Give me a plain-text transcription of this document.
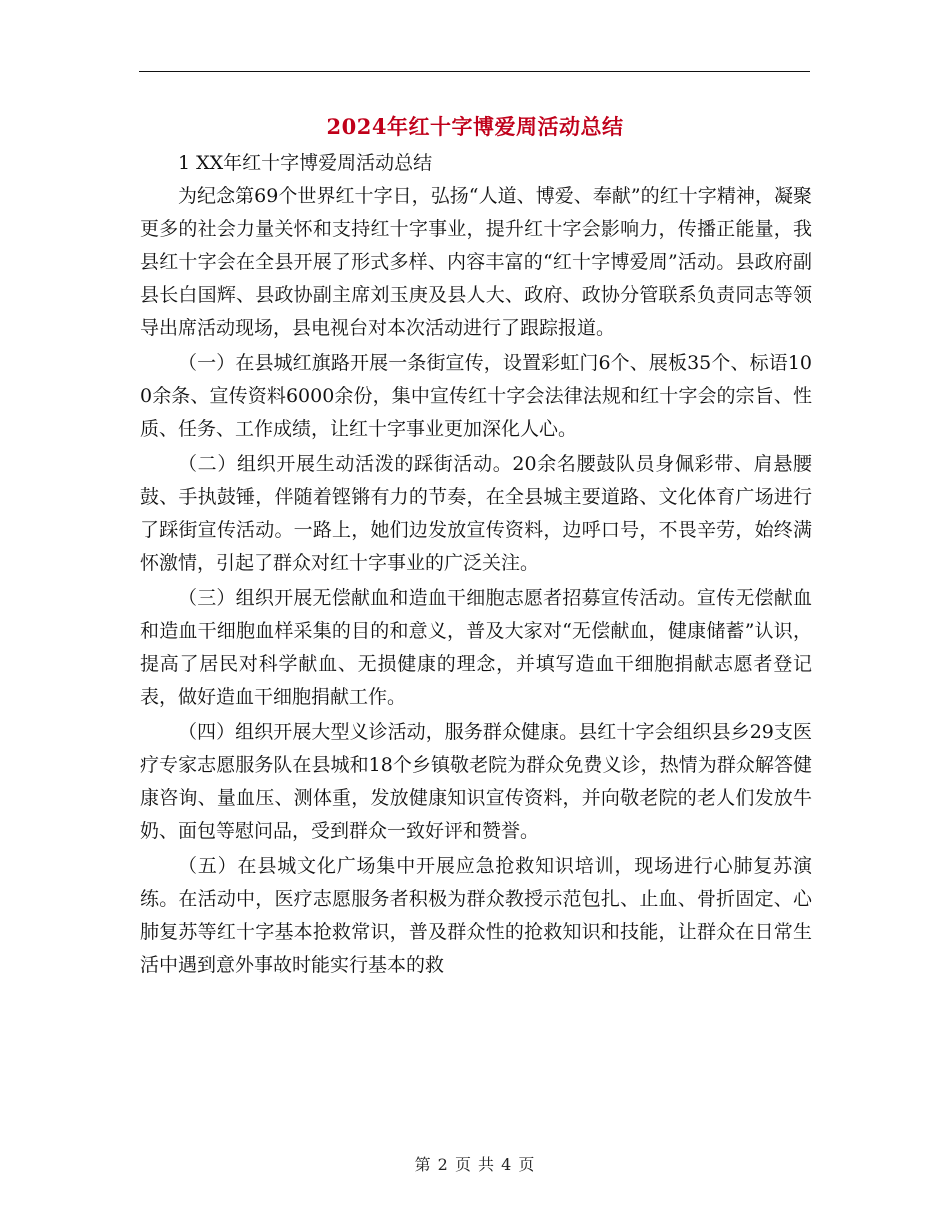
2024年红十字博爱周活动总结

1 XX年红十字博爱周活动总结

为纪念第69个世界红十字日，弘扬“人道、博爱、奉献”的红十字精神，凝聚更多的社会力量关怀和支持红十字事业，提升红十字会影响力，传播正能量，我县红十字会在全县开展了形式多样、内容丰富的“红十字博爱周”活动。县政府副县长白国辉、县政协副主席刘玉庚及县人大、政府、政协分管联系负责同志等领导出席活动现场，县电视台对本次活动进行了跟踪报道。

（一）在县城红旗路开展一条街宣传，设置彩虹门6个、展板35个、标语100余条、宣传资料6000余份，集中宣传红十字会法律法规和红十字会的宗旨、性质、任务、工作成绩，让红十字事业更加深化人心。

（二）组织开展生动活泼的踩街活动。20余名腰鼓队员身佩彩带、肩悬腰鼓、手执鼓锤，伴随着铿锵有力的节奏，在全县城主要道路、文化体育广场进行了踩街宣传活动。一路上，她们边发放宣传资料，边呼口号，不畏辛劳，始终满怀激情，引起了群众对红十字事业的广泛关注。

（三）组织开展无偿献血和造血干细胞志愿者招募宣传活动。宣传无偿献血和造血干细胞血样采集的目的和意义，普及大家对“无偿献血，健康储蓄”认识，提高了居民对科学献血、无损健康的理念，并填写造血干细胞捐献志愿者登记表，做好造血干细胞捐献工作。

（四）组织开展大型义诊活动，服务群众健康。县红十字会组织县乡29支医疗专家志愿服务队在县城和18个乡镇敬老院为群众免费义诊，热情为群众解答健康咨询、量血压、测体重，发放健康知识宣传资料，并向敬老院的老人们发放牛奶、面包等慰问品，受到群众一致好评和赞誉。

（五）在县城文化广场集中开展应急抢救知识培训，现场进行心肺复苏演练。在活动中，医疗志愿服务者积极为群众教授示范包扎、止血、骨折固定、心肺复苏等红十字基本抢救常识，普及群众性的抢救知识和技能，让群众在日常生活中遇到意外事故时能实行基本的救

第 2 页 共 4 页
